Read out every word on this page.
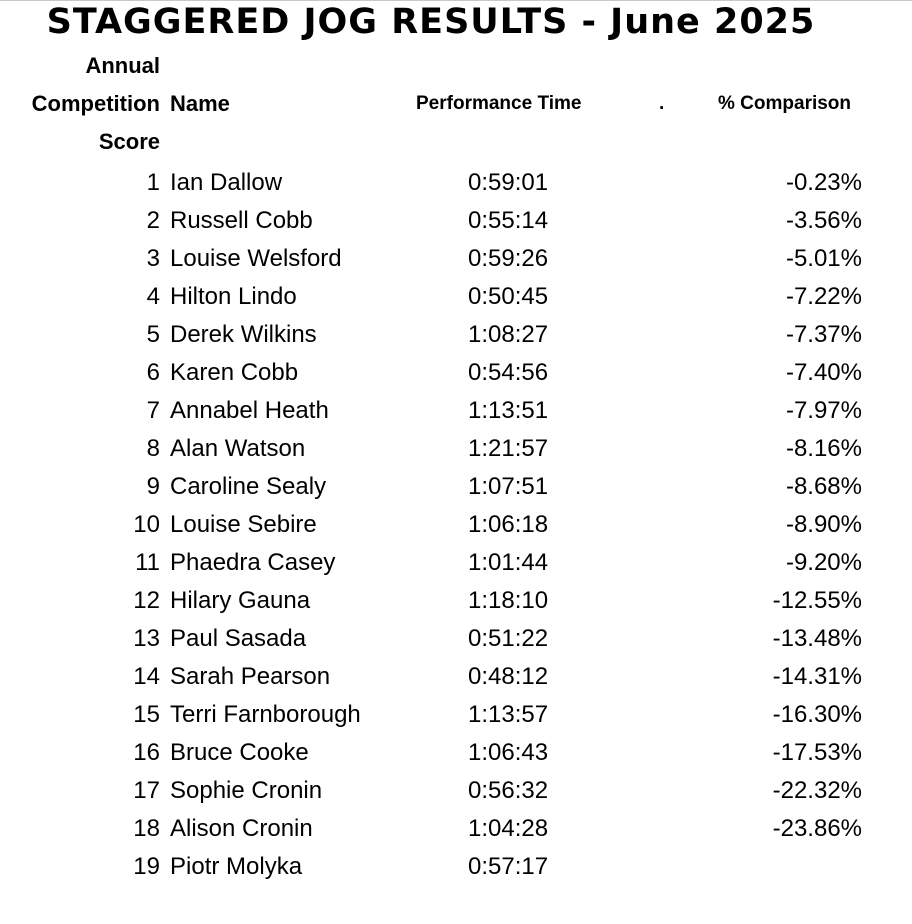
STAGGERED JOG RESULTS - June 2025
Annual
Competition
Score
Name	Performance Time	.	% Comparison
1 Ian Dallow	0:59:01	-0.23%
2 Russell Cobb	0:55:14	-3.56%
3 Louise Welsford	0:59:26	-5.01%
4 Hilton Lindo	0:50:45	-7.22%
5 Derek Wilkins	1:08:27	-7.37%
6 Karen Cobb	0:54:56	-7.40%
7 Annabel Heath	1:13:51	-7.97%
8 Alan Watson	1:21:57	-8.16%
9 Caroline Sealy	1:07:51	-8.68%
10 Louise Sebire	1:06:18	-8.90%
11 Phaedra Casey	1:01:44	-9.20%
12 Hilary Gauna	1:18:10	-12.55%
13 Paul Sasada	0:51:22	-13.48%
14 Sarah Pearson	0:48:12	-14.31%
15 Terri Farnborough	1:13:57	-16.30%
16 Bruce Cooke	1:06:43	-17.53%
17 Sophie Cronin	0:56:32	-22.32%
18 Alison Cronin	1:04:28	-23.86%
19 Piotr Molyka	0:57:17
